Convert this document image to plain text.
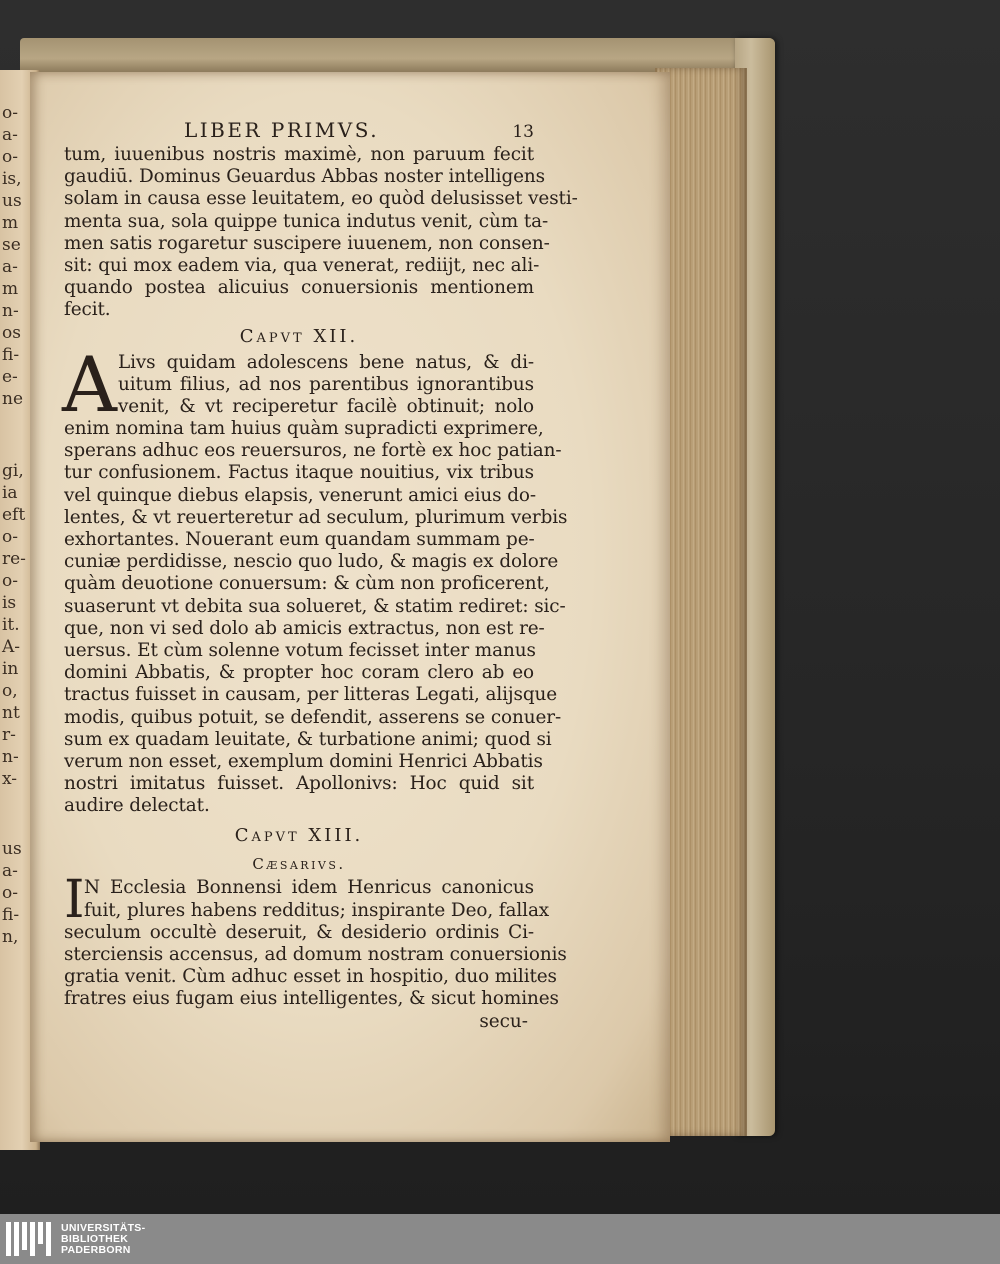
o-
a-
o-
is,
us
m
se
a-
m
n-
os
fi-
e-
ne
gi,
ia
eft
o-
re-
o-
is
it.
A-
in
o,
nt
r-
n-
x-
us
a-
o-
fi-
n,
LIBER PRIMVS.	13
tum, iuuenibus nostris maximè, non paruum fecit
gaudiū. Dominus Geuardus Abbas noster intelligens
solam in causa esse leuitatem, eo quòd delusisset vesti-
menta sua, sola quippe tunica indutus venit, cùm ta-
men satis rogaretur suscipere iuuenem, non consen-
sit: qui mox eadem via, qua venerat, rediijt, nec ali-
quando postea alicuius conuersionis mentionem
fecit.
Capvt XII.
A Livs quidam adolescens bene natus, & di-
uitum filius, ad nos parentibus ignorantibus
venit, & vt reciperetur facilè obtinuit; nolo
enim nomina tam huius quàm supradicti exprimere,
sperans adhuc eos reuersuros, ne fortè ex hoc patian-
tur confusionem. Factus itaque nouitius, vix tribus
vel quinque diebus elapsis, venerunt amici eius do-
lentes, & vt reuerteretur ad seculum, plurimum verbis
exhortantes. Nouerant eum quandam summam pe-
cuniæ perdidisse, nescio quo ludo, & magis ex dolore
quàm deuotione conuersum: & cùm non proficerent,
suaserunt vt debita sua solueret, & statim rediret: sic-
que, non vi sed dolo ab amicis extractus, non est re-
uersus. Et cùm solenne votum fecisset inter manus
domini Abbatis, & propter hoc coram clero ab eo
tractus fuisset in causam, per litteras Legati, alijsque
modis, quibus potuit, se defendit, asserens se conuer-
sum ex quadam leuitate, & turbatione animi; quod si
verum non esset, exemplum domini Henrici Abbatis
nostri imitatus fuisset. Apollonivs: Hoc quid sit
audire delectat.
Capvt XIII.
Cæsarivs.
I N Ecclesia Bonnensi idem Henricus canonicus
fuit, plures habens redditus; inspirante Deo, fallax
seculum occultè deseruit, & desiderio ordinis Ci-
sterciensis accensus, ad domum nostram conuersionis
gratia venit. Cùm adhuc esset in hospitio, duo milites
fratres eius fugam eius intelligentes, & sicut homines
secu-
UNIVERSITÄTS-
BIBLIOTHEK
PADERBORN
